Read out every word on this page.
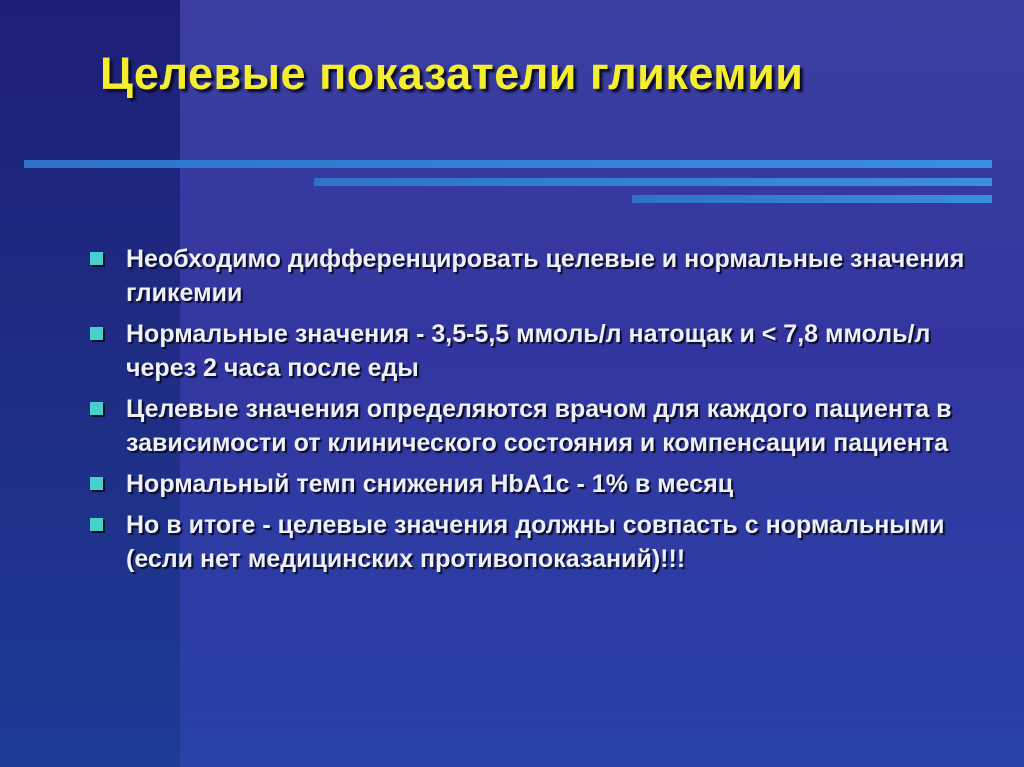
Целевые показатели гликемии
Необходимо дифференцировать целевые и нормальные значения гликемии
Нормальные значения - 3,5-5,5 ммоль/л натощак и < 7,8 ммоль/л через 2 часа после еды
Целевые значения определяются врачом для каждого пациента в зависимости от клинического состояния и компенсации пациента
Нормальный темп снижения HbA1c - 1% в месяц
Но в итоге - целевые значения должны совпасть с нормальными (если нет медицинских противопоказаний)!!!
